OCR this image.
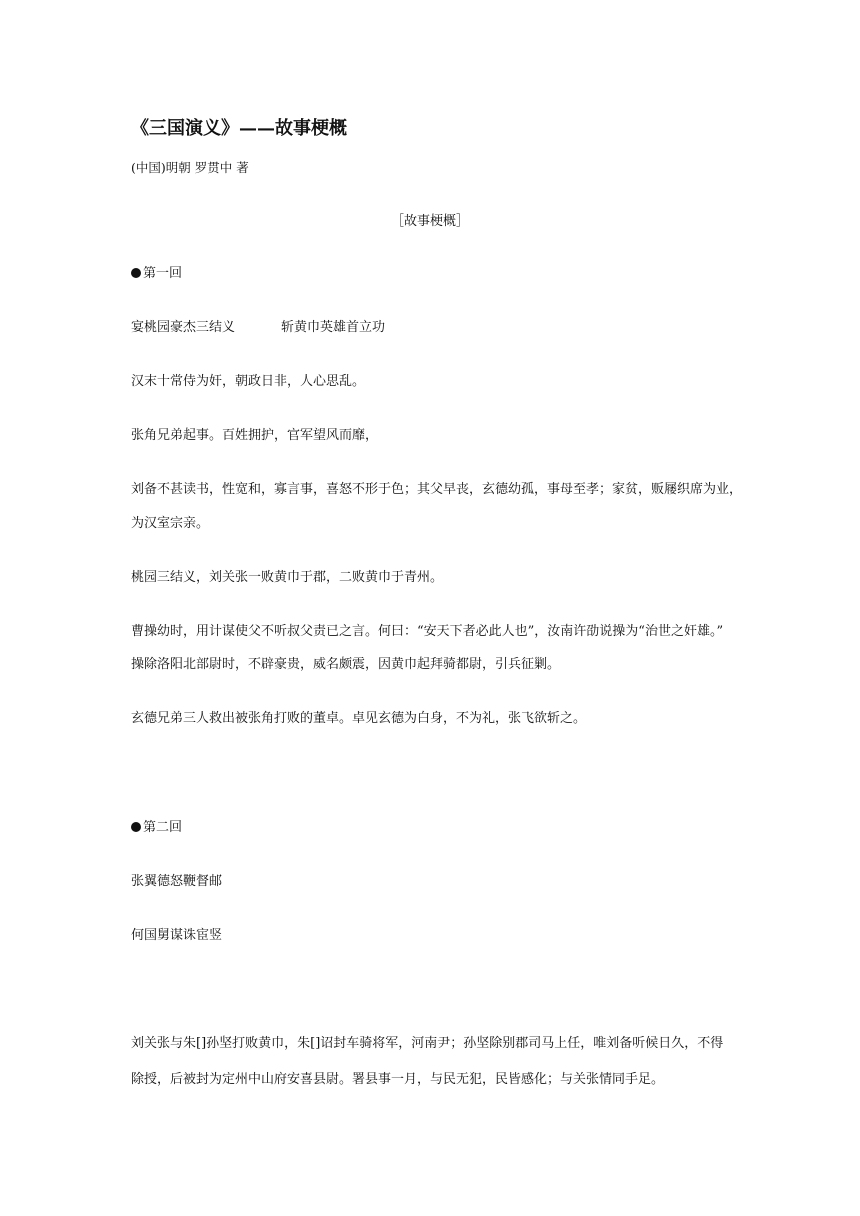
《三国演义》——故事梗概
(中国)明朝 罗贯中 著
［故事梗概］
第一回
宴桃园豪杰三结义	斩黄巾英雄首立功
汉末十常侍为奸，朝政日非，人心思乱。
张角兄弟起事。百姓拥护，官军望风而靡，
刘备不甚读书，性宽和，寡言事，喜怒不形于色；其父早丧，玄德幼孤，事母至孝；家贫，贩屦织席为业，
为汉室宗亲。
桃园三结义，刘关张一败黄巾于郡，二败黄巾于青州。
曹操幼时，用计谋使父不听叔父责已之言。何曰：“安天下者必此人也”，汝南许劭说操为“治世之奸雄。”
操除洛阳北部尉时，不辟豪贵，威名颇震，因黄巾起拜骑都尉，引兵征剿。
玄德兄弟三人救出被张角打败的董卓。卓见玄德为白身，不为礼，张飞欲斩之。
第二回
张翼德怒鞭督邮
何国舅谋诛宦竖
刘关张与朱[]孙坚打败黄巾，朱[]诏封车骑将军，河南尹；孙坚除别郡司马上任，唯刘备听候日久，不得
除授，后被封为定州中山府安喜县尉。署县事一月，与民无犯，民皆感化；与关张情同手足。
